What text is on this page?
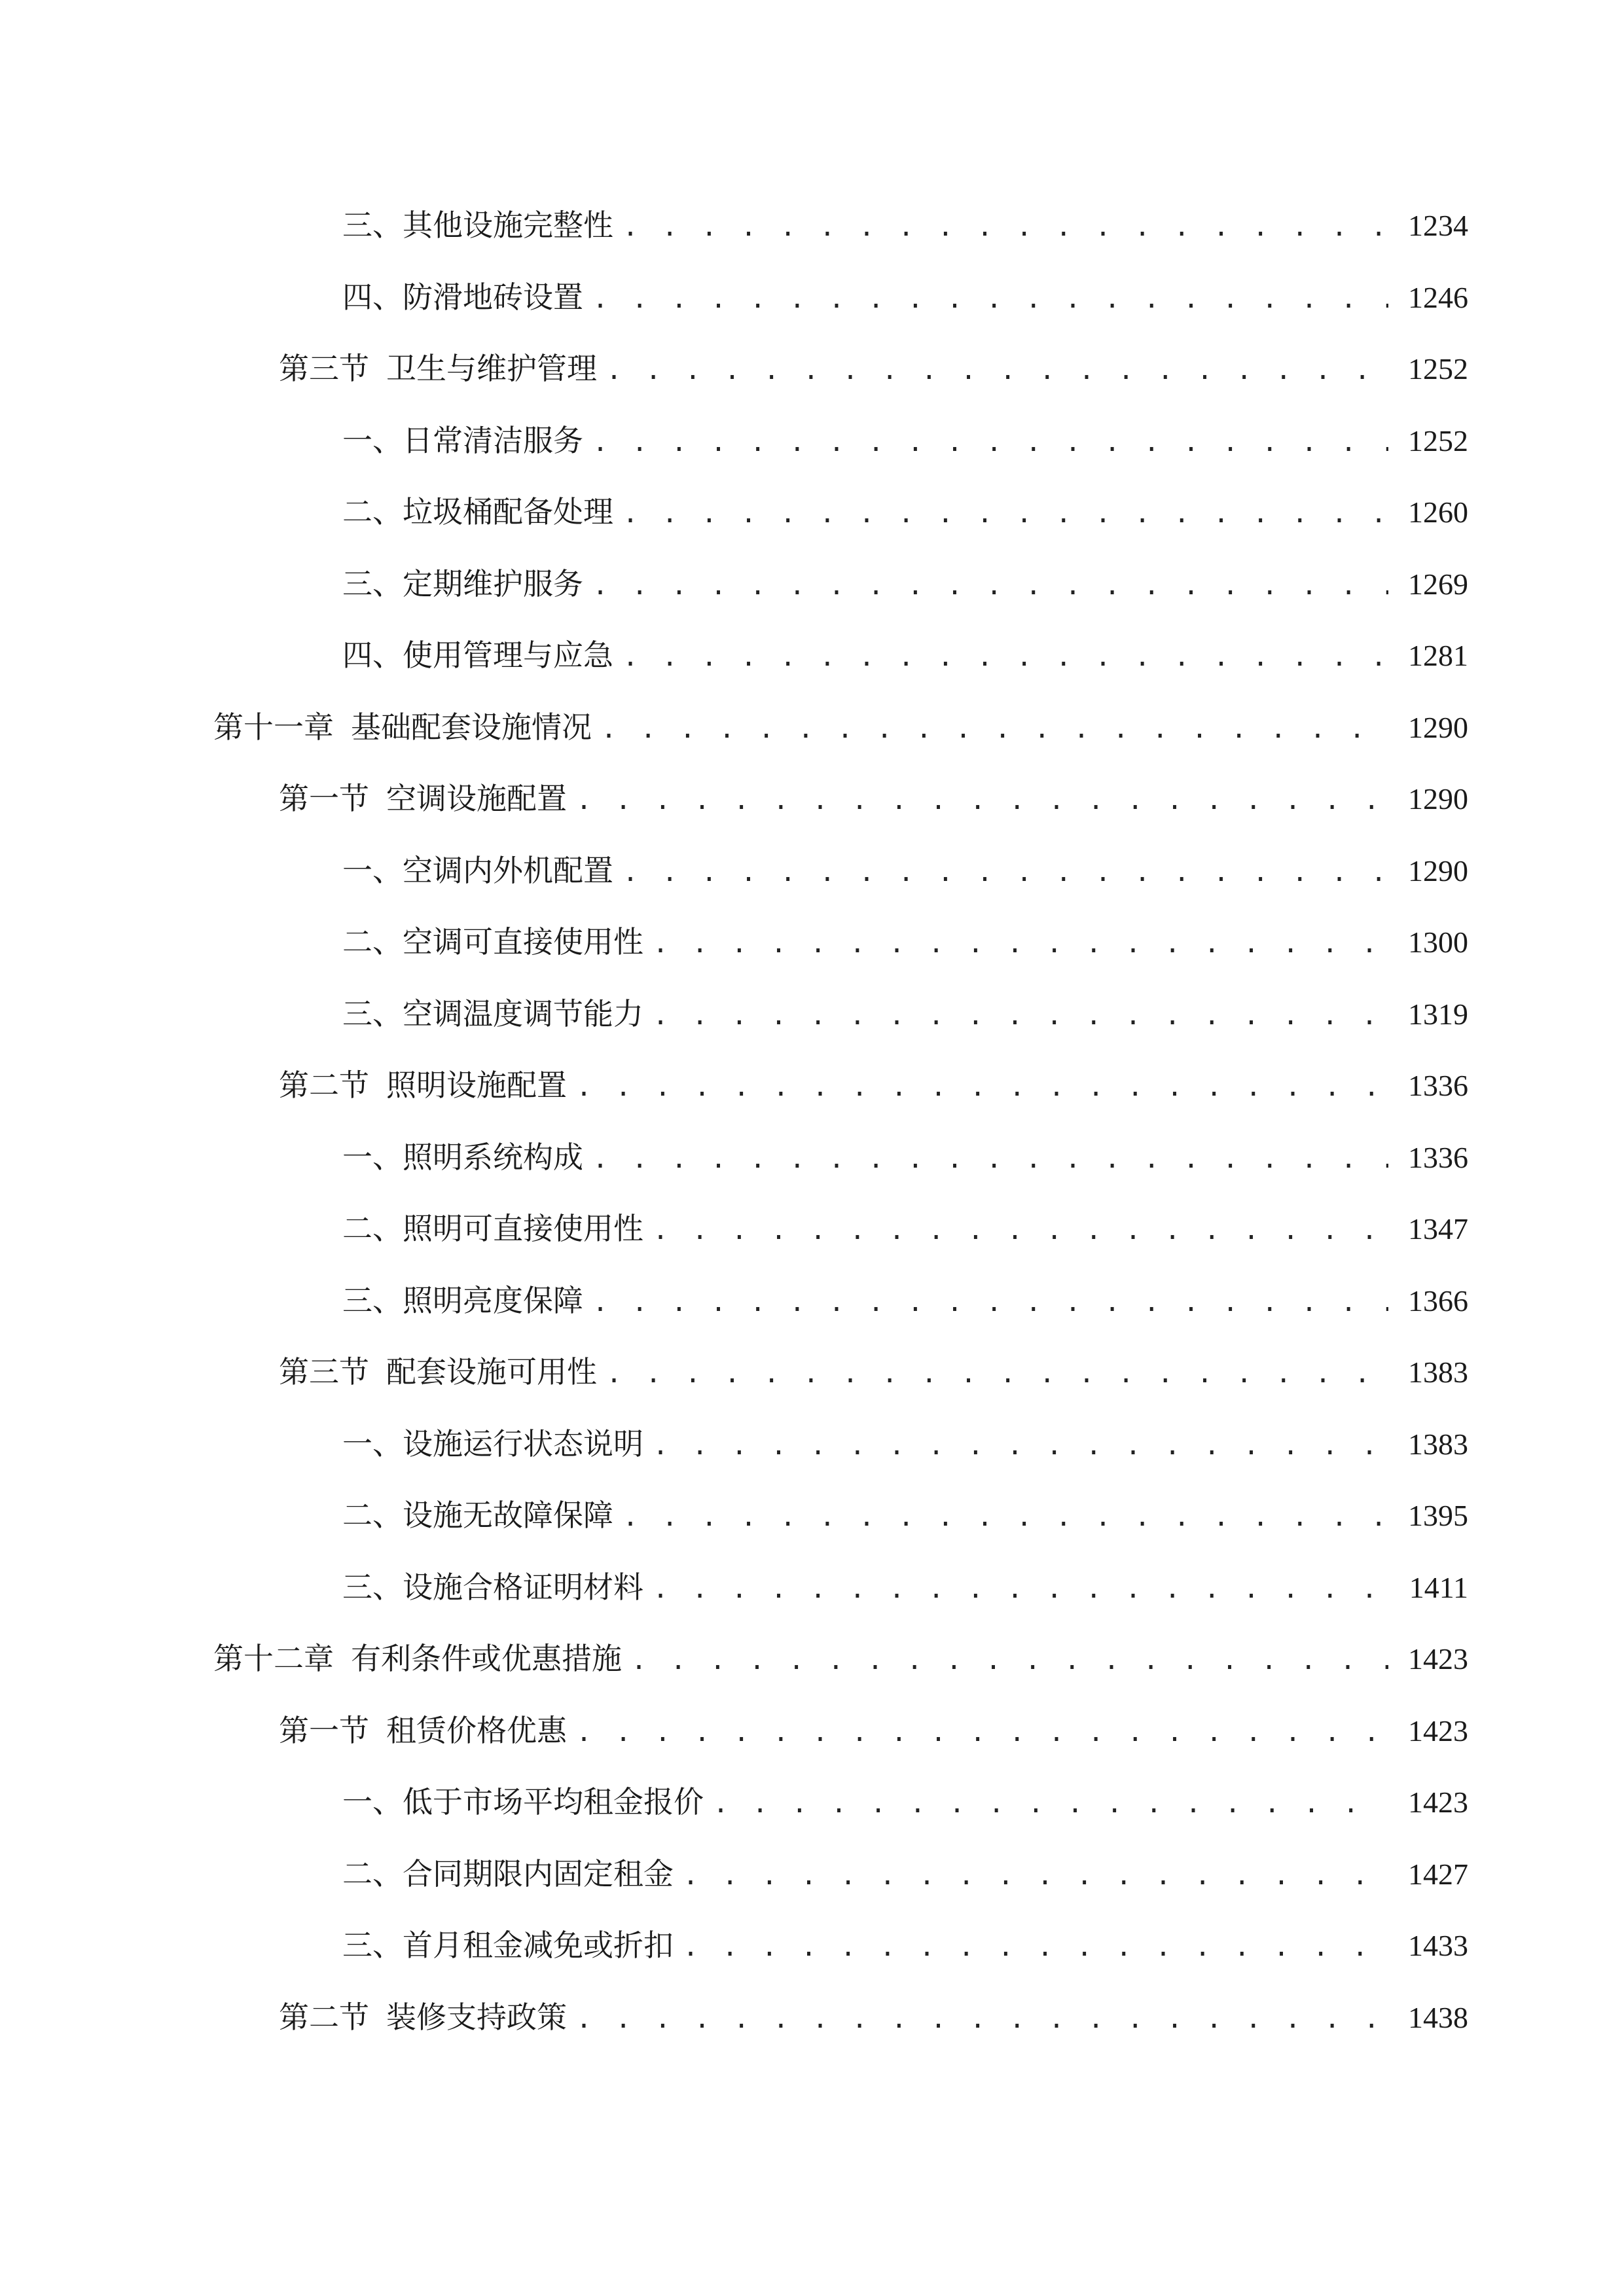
三、 其他设施完整性 . . .	1234
四、 防滑地砖设置 . . .	1246
第三节 卫生与维护管理 . . .	1252
一、 日常清洁服务 . . .	1252
二、 垃圾桶配备处理 . . .	1260
三、 定期维护服务 . . .	1269
四、 使用管理与应急 . . .	1281
第十一章 基础配套设施情况 . . .	1290
第一节 空调设施配置 . . .	1290
一、 空调内外机配置 . . .	1290
二、 空调可直接使用性 . . .	1300
三、 空调温度调节能力 . . .	1319
第二节 照明设施配置 . . .	1336
一、 照明系统构成 . . .	1336
二、 照明可直接使用性 . . .	1347
三、 照明亮度保障 . . .	1366
第三节 配套设施可用性 . . .	1383
一、 设施运行状态说明 . . .	1383
二、 设施无故障保障 . . .	1395
三、 设施合格证明材料 . . .	1411
第十二章 有利条件或优惠措施 . . .	1423
第一节 租赁价格优惠 . . .	1423
一、 低于市场平均租金报价 . . .	1423
二、 合同期限内固定租金 . . .	1427
三、 首月租金减免或折扣 . . .	1433
第二节 装修支持政策 . . .	1438
